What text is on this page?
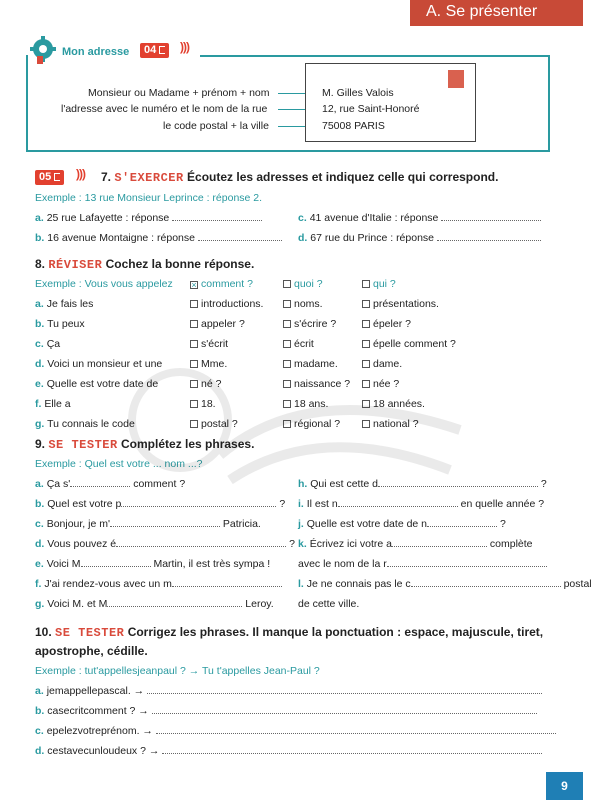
A. Se présenter
Mon adresse	04	)))
Monsieur ou Madame + prénom + nom
l'adresse avec le numéro et le nom de la rue
le code postal + la ville
M. Gilles Valois
12, rue Saint-Honoré
75008 PARIS
05	))) 7. S'EXERCER Écoutez les adresses et indiquez celle qui correspond.
Exemple : 13 rue Monsieur Leprince : réponse 2.
a. 25 rue Lafayette : réponse	c. 41 avenue d'Italie : réponse
b. 16 avenue Montaigne : réponse	d. 67 rue du Prince : réponse
8. RÉVISER Cochez la bonne réponse.
Exemple : Vous vous appelez
×	comment ?	quoi ?	qui ?
a. Je fais les	introductions.	noms.	présentations.
b. Tu peux	appeler ?	s'écrire ?	épeler ?
c. Ça	s'écrit	écrit	épelle comment ?
d. Voici un monsieur et une	Mme.	madame.	dame.
e. Quelle est votre date de	né ?	naissance ?	née ?
f. Elle a	18.	18 ans.	18 années.
g. Tu connais le code	postal ?	régional ?	national ?
9. SE TESTER Complétez les phrases.
Exemple : Quel est votre ... nom ...?
a. Ça s'	comment ?
b. Quel est votre p	?
c. Bonjour, je m'	Patricia.
d. Vous pouvez é	?
e. Voici M	Martin, il est très sympa !
f. J'ai rendez-vous avec un m
g. Voici M. et M	Leroy.
h. Qui est cette d	?
i. Il est n	en quelle année ?
j. Quelle est votre date de n	?
k. Écrivez ici votre a	complète
avec le nom de la r
l. Je ne connais pas le c	postal
de cette ville.
10. SE TESTER Corrigez les phrases. Il manque la ponctuation : espace, majuscule, tiret,
apostrophe, cédille.
Exemple : tut'appellesjeanpaul ? → Tu t'appelles Jean-Paul ?
a. jemappellepascal. →
b. casecritcomment ? →
c. epelezvotreprénom. →
d. cestavecunloudeux ? →
9
